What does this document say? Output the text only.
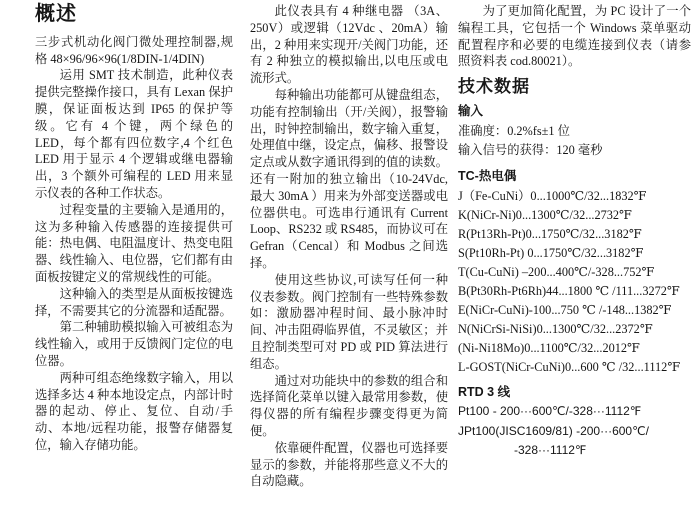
概述

三步式机动化阀门微处理控制器,规格 48×96/96×96(1/8DIN-1/4DIN)

运用 SMT 技术制造，此种仪表提供完整操作接口，具有 Lexan 保护膜，保证面板达到 IP65 的保护等级。它有 4 个键，两个绿色的 LED，每个都有四位数字,4 个红色 LED 用于显示 4 个逻辑或继电器输出，3 个额外可编程的 LED 用来显示仪表的各种工作状态。

过程变量的主要输入是通用的，这为多种输入传感器的连接提供可能：热电偶、电阻温度计、热变电阻器、线性输入、电位器，它们都有由面板按键定义的常规线性的可能。

这种输入的类型是从面板按键选择，不需要其它的分流器和适配器。

第二种辅助模拟输入可被组态为线性输入，或用于反馈阀门定位的电位器。

两种可组态绝缘数字输入，用以选择多达 4 种本地设定点，内部计时器的起动、停止、复位、自动/手动、本地/远程功能，报警存储器复位，输入存储功能。

此仪表具有 4 种继电器 （3A、250V）或逻辑（12Vdc 、20mA）输出，2 种用来实现开/关阀门功能，还有 2 种独立的模拟输出,以电压或电流形式。

每种输出功能都可从键盘组态，功能有控制输出（开/关阀），报警输出，时钟控制输出，数字输入重复，处理值中继，设定点，偏移、报警设定点或从数字通讯得到的值的读数。还有一附加的独立输出（10-24Vdc, 最大 30mA ）用来为外部变送器或电位器供电。可选串行通讯有 Current Loop、RS232 或 RS485，而协议可在 Gefran（Cencal）和 Modbus 之间选择。

使用这些协议,可读写任何一种仪表参数。阀门控制有一些特殊参数如：激励器冲程时间、最小脉冲时间、冲击阻碍临界值，不灵敏区；并且控制类型可对 PD 或 PID 算法进行组态。

通过对功能块中的参数的组合和选择简化菜单以键入最常用参数，使得仪器的所有编程步骤变得更为简便。

依靠硬件配置，仪器也可选择要显示的参数，并能将那些意义不大的自动隐藏。

为了更加简化配置，为 PC 设计了一个编程工具，它包括一个 Windows 菜单驱动配置程序和必要的电缆连接到仪表（请参照资料表 cod.80021）。

技术数据
输入

准确度：0.2%fs±1 位

输入信号的获得：120 毫秒

TC-热电偶

J（Fe-CuNi）0...1000℃/32...1832℉

K(NiCr-Ni)0...1300℃/32...2732℉

R(Pt13Rh-Pt)0...1750℃/32...3182℉

S(Pt10Rh-Pt) 0...1750℃/32...3182℉

T(Cu-CuNi) –200...400℃/-328...752℉

B(Pt30Rh-Pt6Rh)44...1800 ℃ /111...3272℉

E(NiCr-CuNi)-100...750 ℃ /-148...1382℉

N(NiCrSi-NiSi)0...1300℃/32...2372℉

(Ni-Ni18Mo)0...1100℃/32...2012℉

L-GOST(NiCr-CuNi)0...600 ℃ /32...1112℉

RTD 3 线

Pt100 - 200···600℃/-328···1112℉

JPt100(JISC1609/81) -200···600℃/

-328···1112℉
